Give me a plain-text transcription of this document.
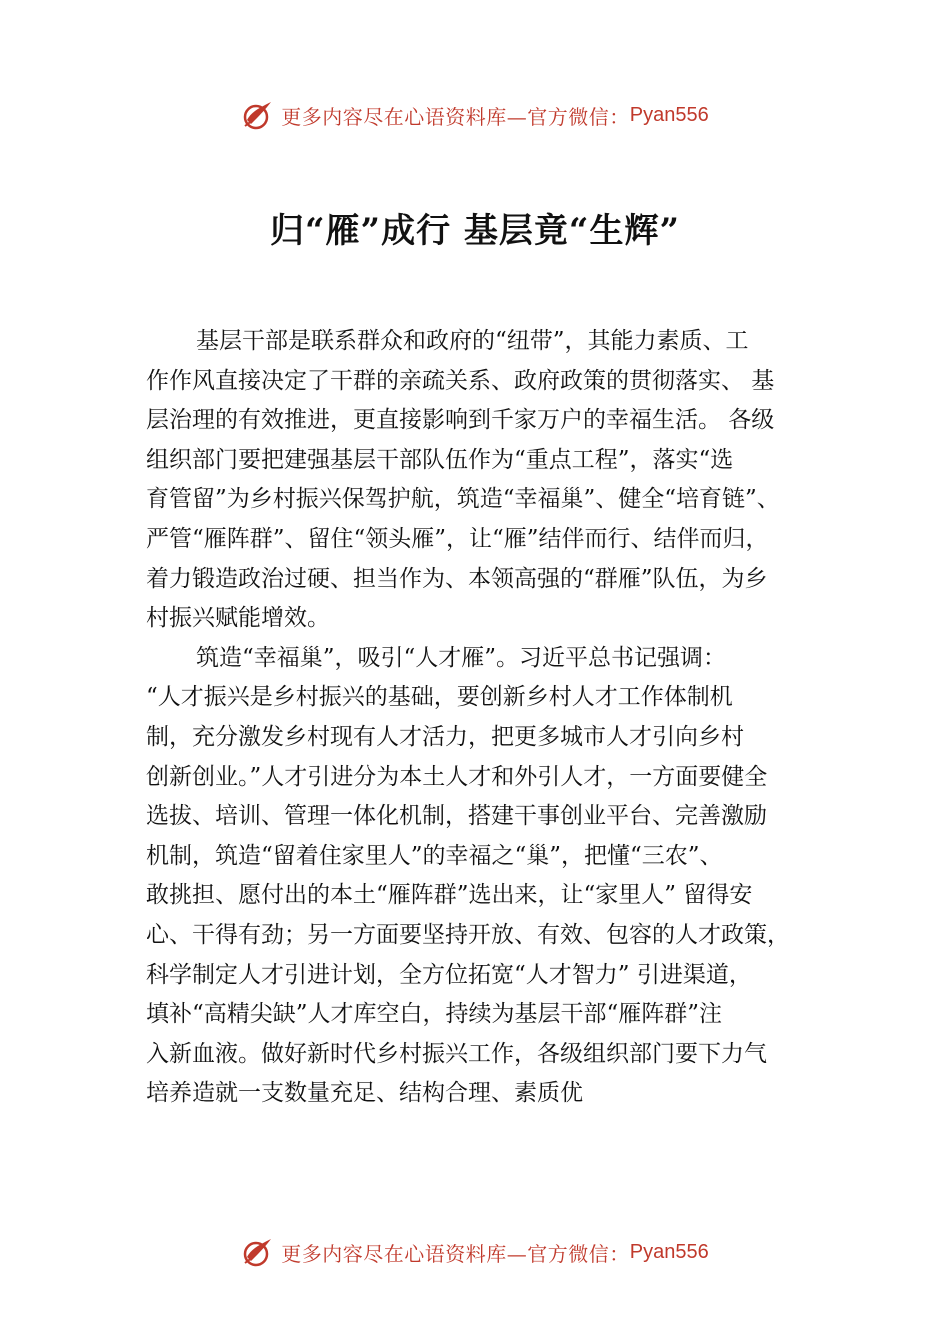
更多内容尽在心语资料库—官方微信： Pyan556
归“雁”成行 基层竟“生辉”
基层干部是联系群众和政府的“纽带”，其能力素质、工
作作风直接决定了干群的亲疏关系、政府政策的贯彻落实、 基
层治理的有效推进，更直接影响到千家万户的幸福生活。 各级
组织部门要把建强基层干部队伍作为“重点工程”，落实“选
育管留”为乡村振兴保驾护航，筑造“幸福巢”、健全“培育链”、
严管“雁阵群”、留住“领头雁”，让“雁”结伴而行、结伴而归，
着力锻造政治过硬、担当作为、本领高强的“群雁”队伍，为乡
村振兴赋能增效。
筑造“幸福巢”，吸引“人才雁”。习近平总书记强调：
“人才振兴是乡村振兴的基础，要创新乡村人才工作体制机
制，充分激发乡村现有人才活力，把更多城市人才引向乡村
创新创业。”人才引进分为本土人才和外引人才，一方面要健全
选拔、培训、管理一体化机制，搭建干事创业平台、完善激励
机制，筑造“留着住家里人”的幸福之“巢”，把懂“三农”、
敢挑担、愿付出的本土“雁阵群”选出来，让“家里人” 留得安
心、干得有劲；另一方面要坚持开放、有效、包容的人才政策，
科学制定人才引进计划，全方位拓宽“人才智力” 引进渠道，
填补“高精尖缺”人才库空白，持续为基层干部“雁阵群”注
入新血液。做好新时代乡村振兴工作，各级组织部门要下力气
培养造就一支数量充足、结构合理、素质优
更多内容尽在心语资料库—官方微信： Pyan556
